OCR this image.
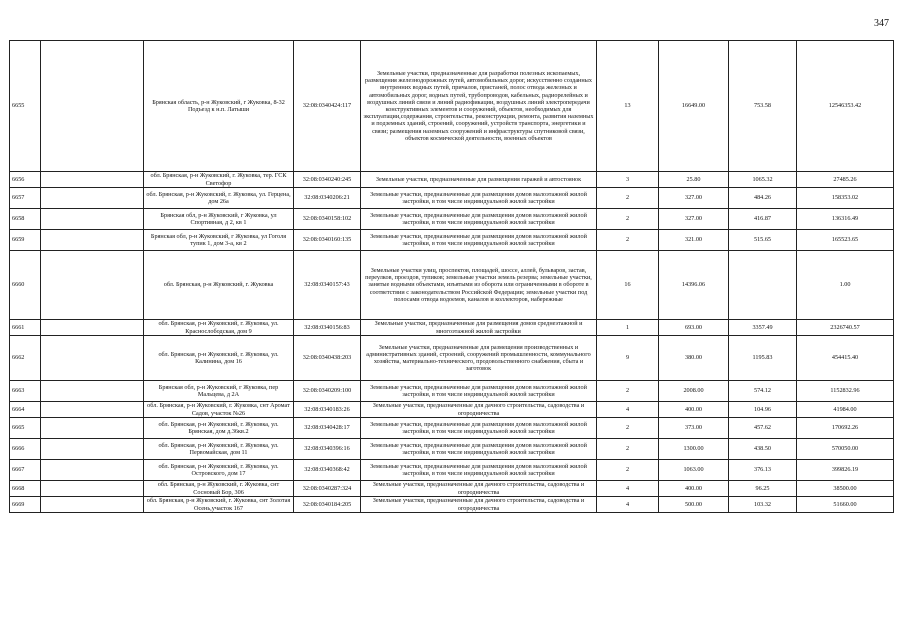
347
6655		Брянская область, р-н Жуковский, г Жуковка, 8-32 Подъезд к н.п. Латыши	32:08:0340424:117	Земельные участки, предназначенные для разработки полезных ископаемых, размещения железнодорожных путей, автомобильных дорог, искусственно созданных внутренних водных путей, причалов, пристаней, полос отвода железных и автомобильных дорог, водных путей, трубопроводов, кабельных, радиорелейных и воздушных линий связи и линий радиофикации, воздушных линий электропередачи конструктивных элементов и сооружений, объектов, необходимых для эксплуатации,содержания, строительства, реконструкции, ремонта, развития наземных и подземных зданий, строений, сооружений, устройств транспорта, энергетики и связи; размещения наземных сооружений и инфраструктуры спутниковой связи, объектов космической деятельности, военных объектов	13	16649.00	753.58	12546353.42
6656		обл. Брянская, р-н Жуковский, г. Жуковка, тер. ГСК Светофор	32:08:0340240:245	Земельные участки, предназначенные для размещения гаражей и автостоянок	3	25.80	1065.32	27485.26
6657		обл. Брянская, р-н Жуковский, г. Жуковка, ул. Герцена, дом 26а	32:08:0340206:21	Земельные участки, предназначенные для размещения домов малоэтажной жилой застройки, в том числе индивидуальной жилой застройки	2	327.00	484.26	158353.02
6658		Брянская обл, р-н Жуковский, г Жуковка, ул Спортивная, д 2, кв 1	32:08:0340158:102	Земельные участки, предназначенные для размещения домов малоэтажной жилой застройки, в том числе индивидуальной жилой застройки	2	327.00	416.87	136316.49
6659		Брянская обл, р-н Жуковский, г Жуковка, ул Гоголя тупик 1, дом 3-а, кв 2	32:08:0340160:135	Земельные участки, предназначенные для размещения домов малоэтажной жилой застройки, в том числе индивидуальной жилой застройки	2	321.00	515.65	165523.65
6660		обл. Брянская, р-н Жуковский, г. Жуковка	32:08:0340157:43	Земельные участки улиц, проспектов, площадей, шоссе, аллей, бульваров, застав, переулков, проездов, тупиков; земельные участки земель резерва; земельные участки, занятые водными объектами, изъятыми из оборота или ограниченными в обороте в соответствии с законодательством Российской Федерации; земельные участки под полосами отвода водоемов, каналов и коллекторов, набережные	16	14396.06		1.00
6661		обл. Брянская, р-н Жуковский, г. Жуковка, ул. Краснослободская, дом 9	32:08:0340156:83	Земельные участки, предназначенные для размещения домов среднеэтажной и многоэтажной жилой застройки	1	693.00	3357.49	2326740.57
6662		обл. Брянская, р-н Жуковский, г. Жуковка, ул. Калинина, дом 16	32:08:0340438:203	Земельные участки, предназначенные для размещения производственных и административных зданий, строений, сооружений промышленности, коммунального хозяйства, материально-технического, продовольственного снабжения, сбыта и заготовок	9	380.00	1195.83	454415.40
6663		Брянская обл, р-н Жуковский, г Жуковка, пер Мальцева, д 2А	32:08:0340209:100	Земельные участки, предназначенные для размещения домов малоэтажной жилой застройки, в том числе индивидуальной жилой застройки	2	2008.00	574.12	1152832.96
6664		обл. Брянская, р-н Жуковский, г. Жуковка, снт Аромат Садов, участок №26	32:08:0340183:26	Земельные участки, предназначенные для дачного строительства, садоводства и огородничества	4	400.00	104.96	41984.00
6665		обл. Брянская, р-н Жуковский, г. Жуковка, ул. Брянская, дом д.36кв.2	32:08:0340428:17	Земельные участки, предназначенные для размещения домов малоэтажной жилой застройки, в том числе индивидуальной жилой застройки	2	373.00	457.62	170692.26
6666		обл. Брянская, р-н Жуковский, г. Жуковка, ул. Первомайская, дом 11	32:08:0340396:16	Земельные участки, предназначенные для размещения домов малоэтажной жилой застройки, в том числе индивидуальной жилой застройки	2	1300.00	438.50	570050.00
6667		обл. Брянская, р-н Жуковский, г. Жуковка, ул. Островского, дом 17	32:08:0340368:42	Земельные участки, предназначенные для размещения домов малоэтажной жилой застройки, в том числе индивидуальной жилой застройки	2	1063.00	376.13	399826.19
6668		обл. Брянская, р-н Жуковский, г. Жуковка, снт Сосновый Бор, 306	32:08:0340287:324	Земельные участки, предназначенные для дачного строительства, садоводства и огородничества	4	400.00	96.25	38500.00
6669		обл. Брянская, р-н Жуковский, г. Жуковка, снт Золотая Осень,участок 167	32:08:0340184:205	Земельные участки, предназначенные для дачного строительства, садоводства и огородничества	4	500.00	103.32	51660.00
